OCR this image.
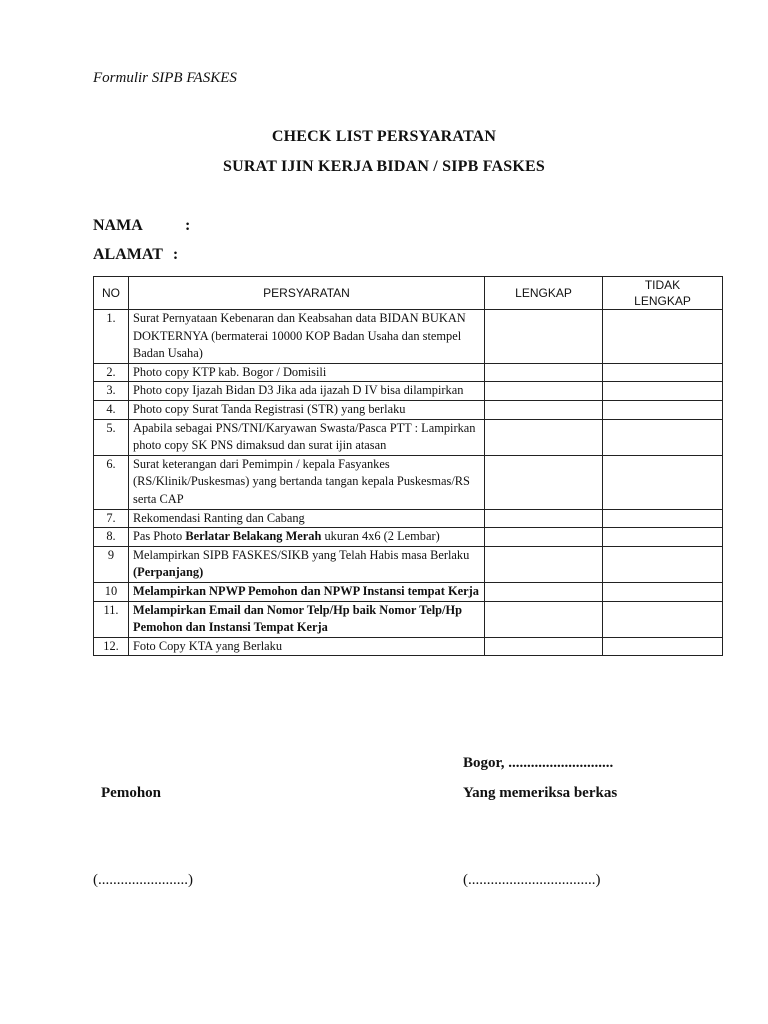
Formulir SIPB FASKES
CHECK LIST PERSYARATAN
SURAT IJIN KERJA BIDAN / SIPB FASKES
NAMA	:
ALAMAT :
NO	PERSYARATAN	LENGKAP	TIDAK
LENGKAP
1.	Surat Pernyataan Kebenaran dan Keabsahan data BIDAN BUKAN DOKTERNYA (bermaterai 10000 KOP Badan Usaha dan stempel Badan Usaha)		
2.	Photo copy KTP kab. Bogor / Domisili		
3.	Photo copy Ijazah Bidan D3 Jika ada ijazah D IV bisa dilampirkan		
4.	Photo copy Surat Tanda Registrasi (STR) yang berlaku		
5.	Apabila sebagai PNS/TNI/Karyawan Swasta/Pasca PTT : Lampirkan photo copy SK PNS dimaksud dan surat ijin atasan		
6.	Surat keterangan dari Pemimpin / kepala Fasyankes (RS/Klinik/Puskesmas) yang bertanda tangan kepala Puskesmas/RS serta CAP		
7.	Rekomendasi Ranting dan Cabang		
8.	Pas Photo Berlatar Belakang Merah ukuran 4x6 (2 Lembar)		
9	Melampirkan SIPB FASKES/SIKB yang Telah Habis masa Berlaku (Perpanjang)		
10	Melampirkan NPWP Pemohon dan NPWP Instansi tempat Kerja		
11.	Melampirkan Email dan Nomor Telp/Hp baik Nomor Telp/Hp Pemohon dan Instansi Tempat Kerja		
12.	Foto Copy KTA yang Berlaku		
Bogor, ............................
Pemohon	Yang memeriksa berkas
(........................)	(..................................)
